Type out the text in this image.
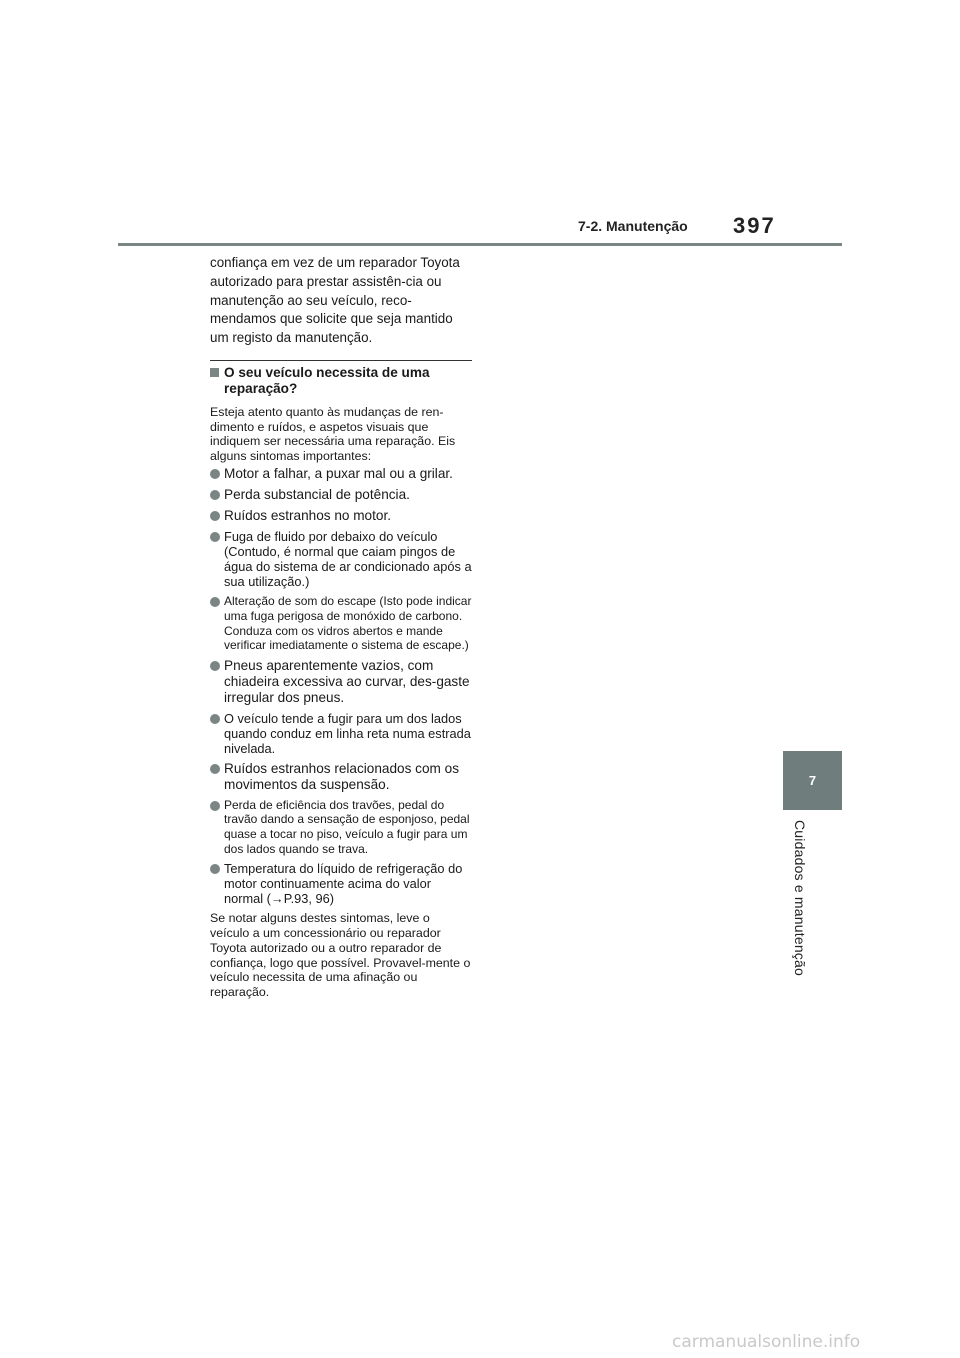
7-2. Manutenção 397
7
Cuidados e manutenção

confiança em vez de um reparador Toyota autorizado para prestar assistên-cia ou manutenção ao seu veículo, reco-mendamos que solicite que seja mantido um registo da manutenção.

O seu veículo necessita de uma reparação?

Esteja atento quanto às mudanças de ren-dimento e ruídos, e aspetos visuais que indiquem ser necessária uma reparação. Eis alguns sintomas importantes:

Motor a falhar, a puxar mal ou a grilar.
Perda substancial de potência.
Ruídos estranhos no motor.
Fuga de fluido por debaixo do veículo (Contudo, é normal que caiam pingos de água do sistema de ar condicionado após a sua utilização.)
Alteração de som do escape (Isto pode indicar uma fuga perigosa de monóxido de carbono. Conduza com os vidros abertos e mande verificar imediatamente o sistema de escape.)
Pneus aparentemente vazios, com chiadeira excessiva ao curvar, des-gaste irregular dos pneus.
O veículo tende a fugir para um dos lados quando conduz em linha reta numa estrada nivelada.
Ruídos estranhos relacionados com os movimentos da suspensão.
Perda de eficiência dos travões, pedal do travão dando a sensação de esponjoso, pedal quase a tocar no piso, veículo a fugir para um dos lados quando se trava.
Temperatura do líquido de refrigeração do motor continuamente acima do valor normal (→P.93, 96)

Se notar alguns destes sintomas, leve o veículo a um concessionário ou reparador Toyota autorizado ou a outro reparador de confiança, logo que possível. Provavel-mente o veículo necessita de uma afinação ou reparação.

carmanualsonline.info
